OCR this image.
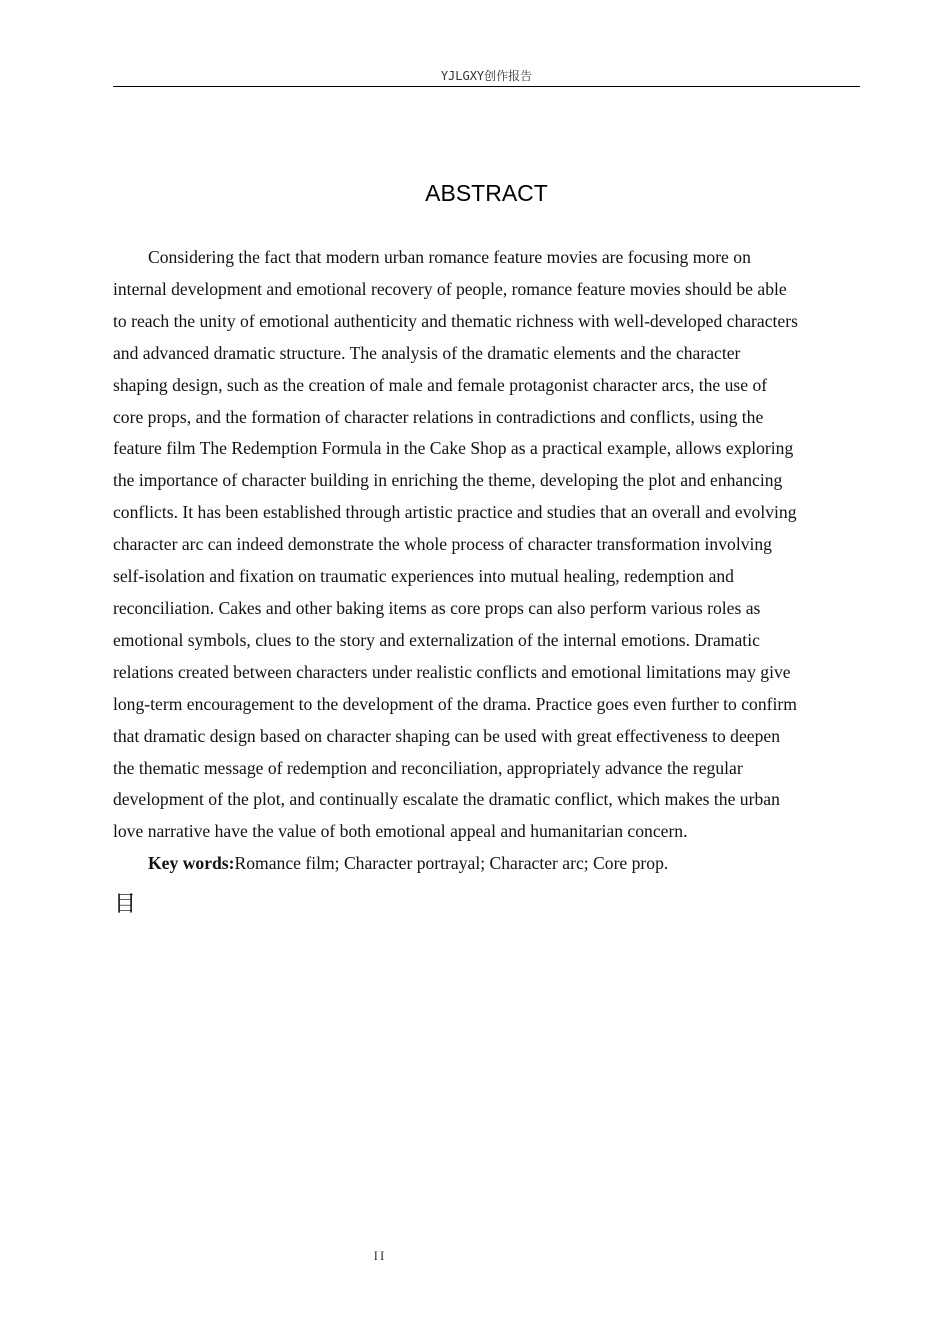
YJLGXY创作报告
ABSTRACT
Considering the fact that modern urban romance feature movies are focusing more on
internal development and emotional recovery of people, romance feature movies should be able
to reach the unity of emotional authenticity and thematic richness with well-developed characters
and advanced dramatic structure. The analysis of the dramatic elements and the character
shaping design, such as the creation of male and female protagonist character arcs, the use of
core props, and the formation of character relations in contradictions and conflicts, using the
feature film The Redemption Formula in the Cake Shop as a practical example, allows exploring
the importance of character building in enriching the theme, developing the plot and enhancing
conflicts. It has been established through artistic practice and studies that an overall and evolving
character arc can indeed demonstrate the whole process of character transformation involving
self-isolation and fixation on traumatic experiences into mutual healing, redemption and
reconciliation. Cakes and other baking items as core props can also perform various roles as
emotional symbols, clues to the story and externalization of the internal emotions. Dramatic
relations created between characters under realistic conflicts and emotional limitations may give
long-term encouragement to the development of the drama. Practice goes even further to confirm
that dramatic design based on character shaping can be used with great effectiveness to deepen
the thematic message of redemption and reconciliation, appropriately advance the regular
development of the plot, and continually escalate the dramatic conflict, which makes the urban
love narrative have the value of both emotional appeal and humanitarian concern.

Key words:Romance film; Character portrayal; Character arc; Core prop.

目
II
